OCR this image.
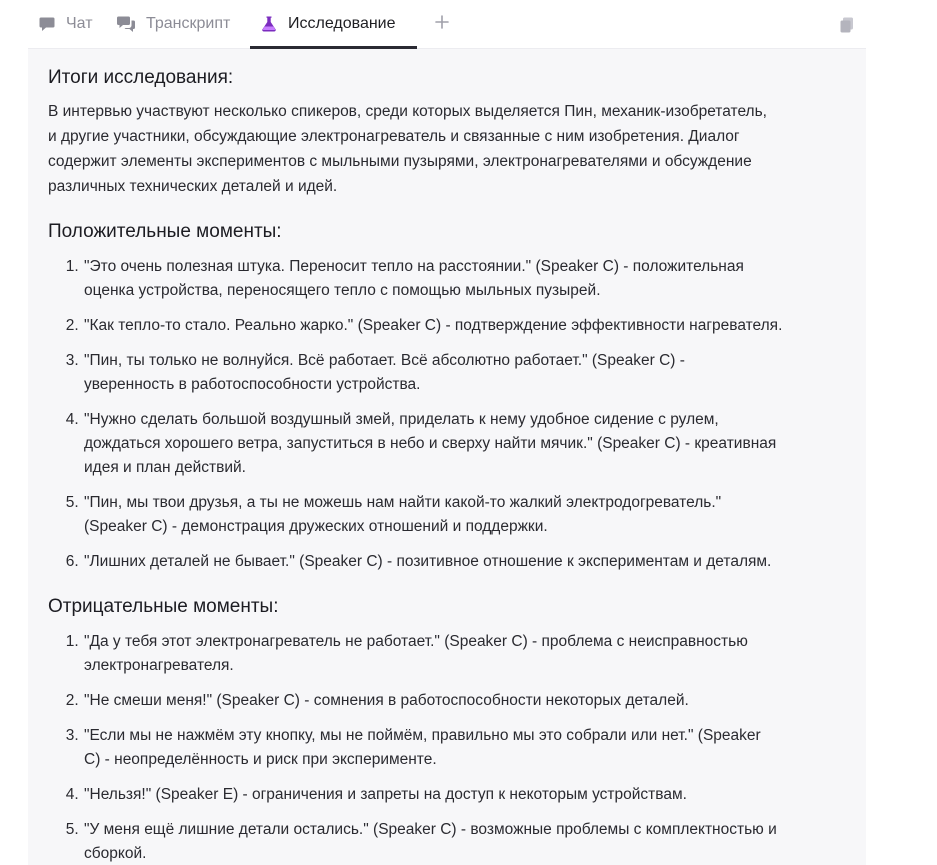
Чат	Транскрипт	Исследование
Итоги исследования:

В интервью участвуют несколько спикеров, среди которых выделяется Пин, механик-изобретатель,
и другие участники, обсуждающие электронагреватель и связанные с ним изобретения. Диалог
содержит элементы экспериментов с мыльными пузырями, электронагревателями и обсуждение
различных технических деталей и идей.

Положительные моменты:
1. "Это очень полезная штука. Переносит тепло на расстоянии." (Speaker C) - положительная
оценка устройства, переносящего тепло с помощью мыльных пузырей.
2. "Как тепло-то стало. Реально жарко." (Speaker C) - подтверждение эффективности нагревателя.
3. "Пин, ты только не волнуйся. Всё работает. Всё абсолютно работает." (Speaker C) -
уверенность в работоспособности устройства.
4. "Нужно сделать большой воздушный змей, приделать к нему удобное сидение с рулем,
дождаться хорошего ветра, запуститься в небо и сверху найти мячик." (Speaker C) - креативная
идея и план действий.
5. "Пин, мы твои друзья, а ты не можешь нам найти какой-то жалкий электродогреватель."
(Speaker C) - демонстрация дружеских отношений и поддержки.
6. "Лишних деталей не бывает." (Speaker C) - позитивное отношение к экспериментам и деталям.
Отрицательные моменты:
1. "Да у тебя этот электронагреватель не работает." (Speaker C) - проблема с неисправностью
электронагревателя.
2. "Не смеши меня!" (Speaker C) - сомнения в работоспособности некоторых деталей.
3. "Если мы не нажмём эту кнопку, мы не поймём, правильно мы это собрали или нет." (Speaker
C) - неопределённость и риск при эксперименте.
4. "Нельзя!" (Speaker E) - ограничения и запреты на доступ к некоторым устройствам.
5. "У меня ещё лишние детали остались." (Speaker C) - возможные проблемы с комплектностью и
сборкой.
